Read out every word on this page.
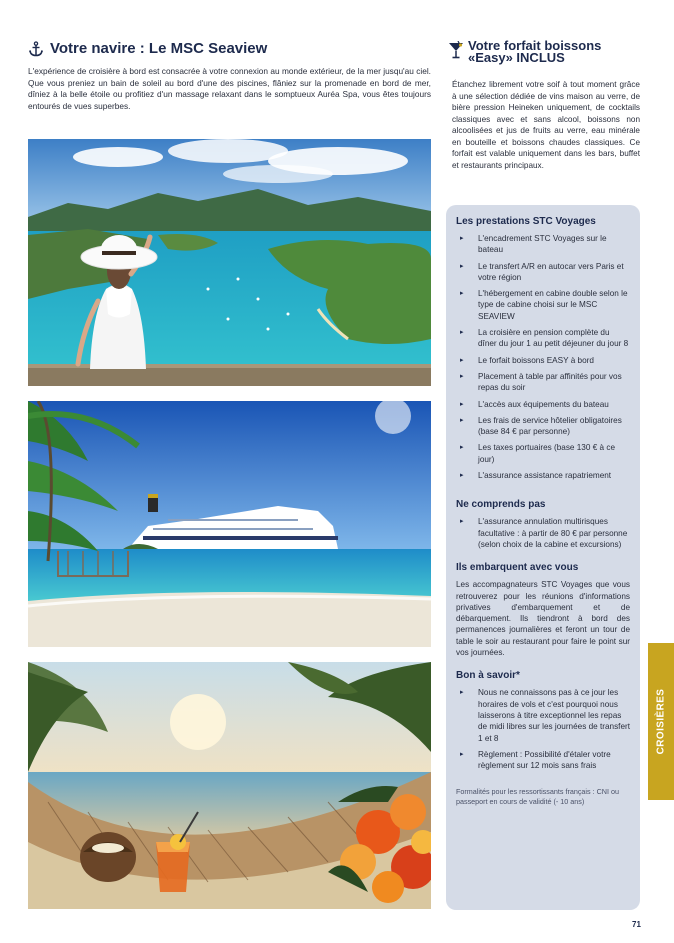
Votre navire : Le MSC Seaview

L'expérience de croisière à bord est consacrée à votre connexion au monde extérieur, de la mer jusqu'au ciel. Que vous preniez un bain de soleil au bord d'une des piscines, flâniez sur la promenade en bord de mer, dîniez à la belle étoile ou profitiez d'un massage relaxant dans le somptueux Auréa Spa, vous êtes toujours entourés de vues superbes.

Votre forfait boissons
«Easy» INCLUS

Étanchez librement votre soif à tout moment grâce à une sélection dédiée de vins maison au verre, de bière pression Heineken uniquement, de cocktails classiques avec et sans alcool, boissons non alcoolisées et jus de fruits au verre, eau minérale en bouteille et boissons chaudes classiques. Ce forfait est valable uniquement dans les bars, buffet et restaurants principaux.

Les prestations STC Voyages
▸ L'encadrement STC Voyages sur le bateau
▸ Le transfert A/R en autocar vers Paris et votre région
▸ L'hébergement en cabine double selon le type de cabine choisi sur le MSC SEAVIEW
▸ La croisière en pension complète du dîner du jour 1 au petit déjeuner du jour 8
▸ Le forfait boissons EASY à bord
▸ Placement à table par affinités pour vos repas du soir
▸ L'accès aux équipements du bateau
▸ Les frais de service hôtelier obligatoires (base 84 € par personne)
▸ Les taxes portuaires (base 130 € à ce jour)
▸ L'assurance assistance rapatriement
Ne comprends pas
▸ L'assurance annulation multirisques facultative : à partir de 80 € par personne (selon choix de la cabine et excursions)
Ils embarquent avec vous

Les accompagnateurs STC Voyages que vous retrouverez pour les réunions d'informations privatives d'embarquement et de débarquement. Ils tiendront à bord des permanences journalières et feront un tour de table le soir au restaurant pour faire le point sur vos journées.

Bon à savoir*
▸ Nous ne connaissons pas à ce jour les horaires de vols et c'est pourquoi nous laisserons à titre exceptionnel les repas de midi libres sur les journées de transfert 1 et 8
▸ Règlement : Possibilité d'étaler votre règlement sur 12 mois sans frais

Formalités pour les ressortissants français : CNI ou passeport en cours de validité (- 10 ans)

CROISIÈRES
71
